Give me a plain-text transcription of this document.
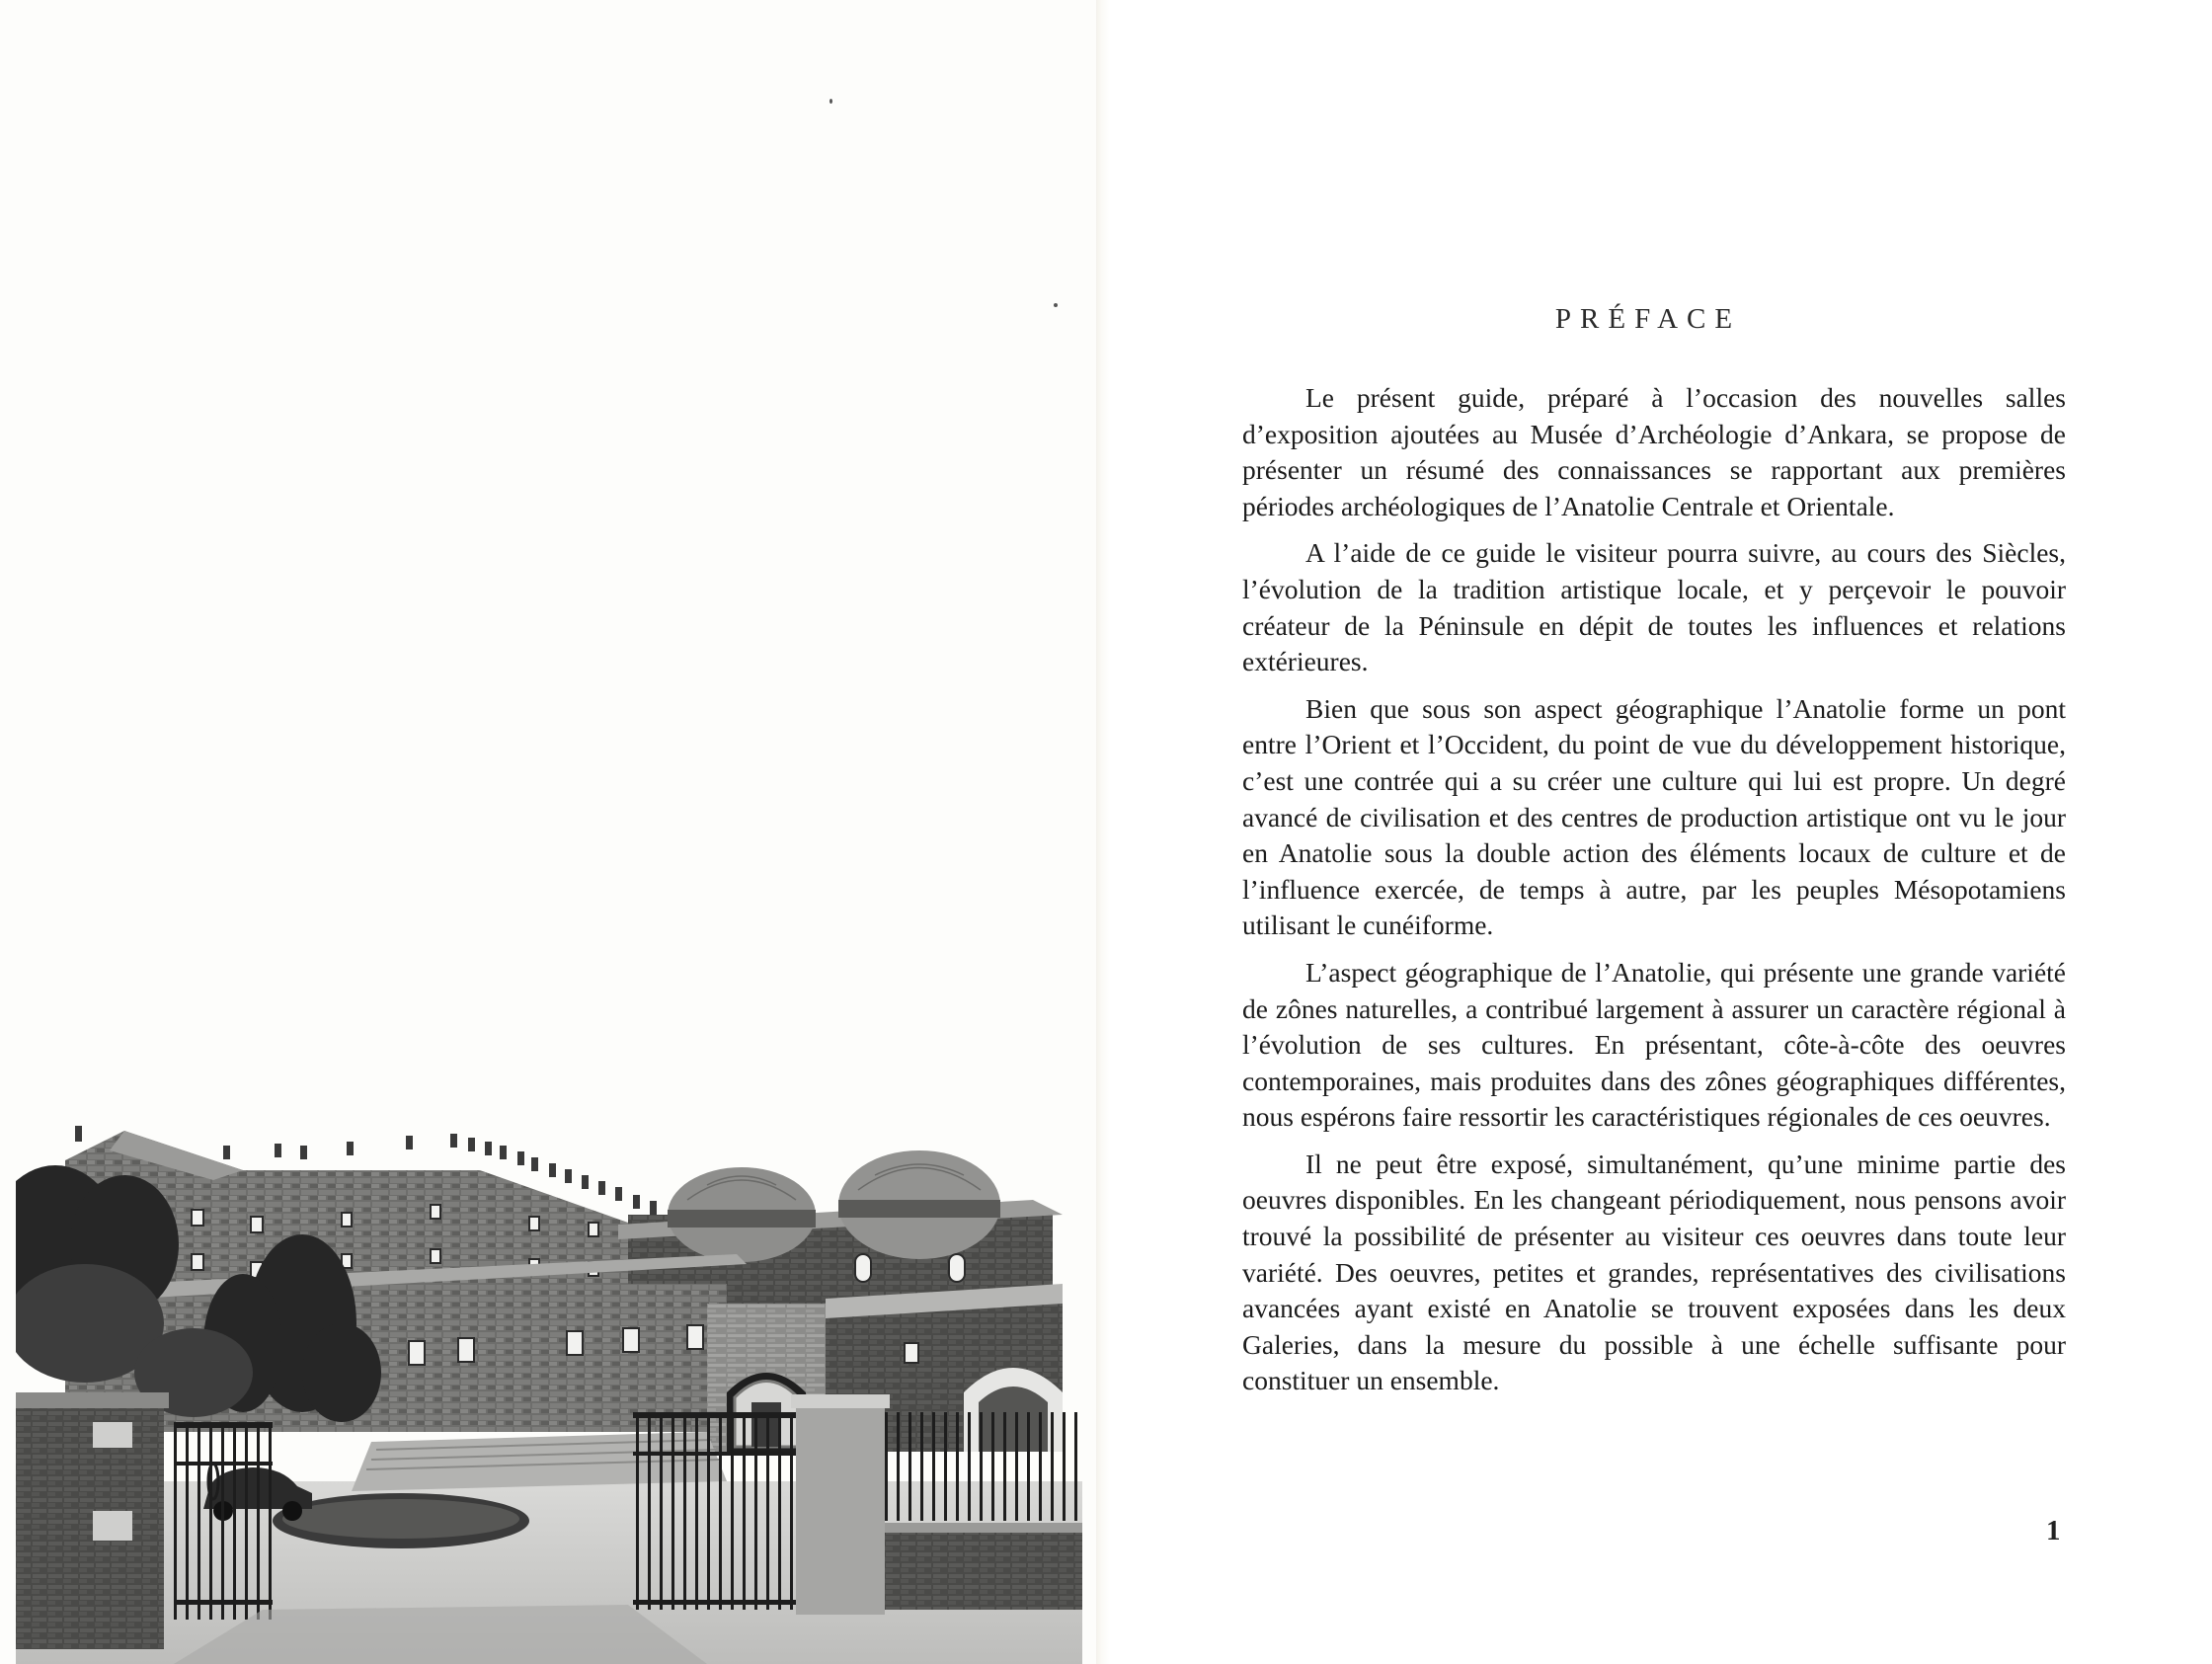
PRÉFACE

Le présent guide, préparé à l’occasion des nouvelles salles d’exposition ajoutées au Musée d’Archéologie d’Ankara, se propose de présenter un résumé des connaissances se rapportant aux premières périodes archéologiques de l’Anatolie Centrale et Orientale.

A l’aide de ce guide le visiteur pourra suivre, au cours des Siècles, l’évolution de la tradition artistique locale, et y perçevoir le pouvoir créateur de la Péninsule en dépit de toutes les influences et relations extérieures.

Bien que sous son aspect géographique l’Anatolie forme un pont entre l’Orient et l’Occident, du point de vue du développement historique, c’est une contrée qui a su créer une culture qui lui est propre. Un degré avancé de civilisation et des centres de production artistique ont vu le jour en Anatolie sous la double action des éléments locaux de culture et de l’influence exercée, de temps à autre, par les peuples Mésopotamiens utilisant le cunéiforme.

L’aspect géographique de l’Anatolie, qui présente une grande variété de zônes naturelles, a contribué largement à assurer un caractère régional à l’évolution de ses cultures. En présentant, côte-à-côte des oeuvres contemporaines, mais produites dans des zônes géographiques différentes, nous espérons faire ressortir les caractéristiques régionales de ces oeuvres.

Il ne peut être exposé, simultanément, qu’une minime partie des oeuvres disponibles. En les changeant périodiquement, nous pensons avoir trouvé la possibilité de présenter au visiteur ces oeuvres dans toute leur variété. Des oeuvres, petites et grandes, représentatives des civilisations avancées ayant existé en Anatolie se trouvent exposées dans les deux Galeries, dans la mesure du possible à une échelle suffisante pour constituer un ensemble.

1
